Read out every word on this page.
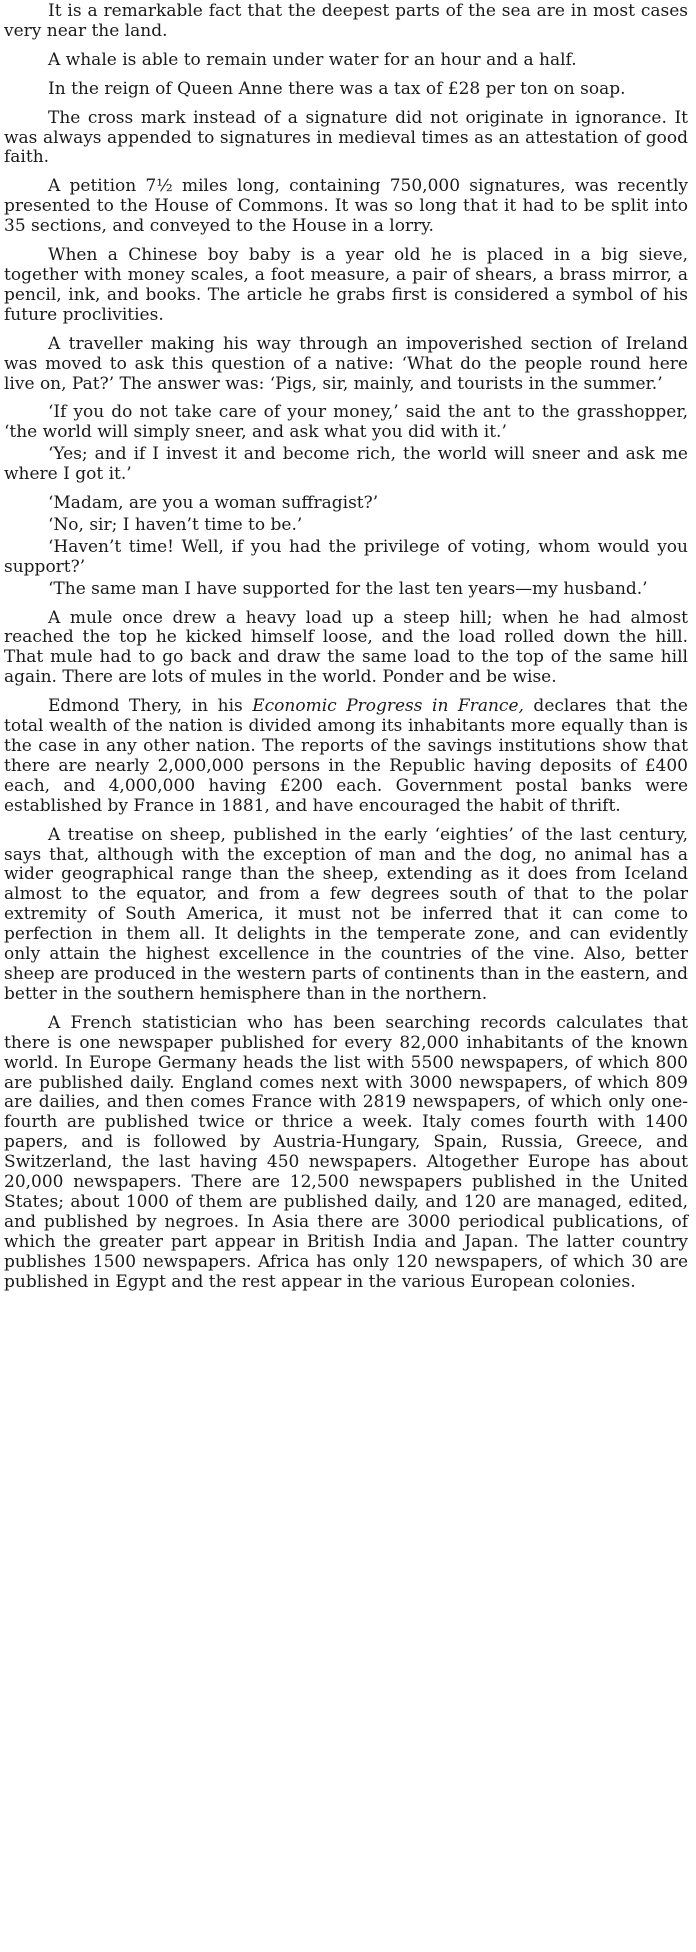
It is a remarkable fact that the deepest parts of the sea are in most cases very near the land.

A whale is able to remain under water for an hour and a half.

In the reign of Queen Anne there was a tax of £28 per ton on soap.

The cross mark instead of a signature did not originate in ignorance. It was always appended to signatures in medieval times as an attestation of good faith.

A petition 7½ miles long, containing 750,000 signatures, was recently presented to the House of Commons. It was so long that it had to be split into 35 sections, and conveyed to the House in a lorry.

When a Chinese boy baby is a year old he is placed in a big sieve, together with money scales, a foot measure, a pair of shears, a brass mirror, a pencil, ink, and books. The article he grabs first is considered a symbol of his future proclivities.

A traveller making his way through an impoverished section of Ireland was moved to ask this question of a native: ‘What do the people round here live on, Pat?’ The answer was: ‘Pigs, sir, mainly, and tourists in the summer.’

‘If you do not take care of your money,’ said the ant to the grasshopper, ‘the world will simply sneer, and ask what you did with it.’

‘Yes; and if I invest it and become rich, the world will sneer and ask me where I got it.’

‘Madam, are you a woman suffragist?’

‘No, sir; I haven’t time to be.’

‘Haven’t time! Well, if you had the privilege of voting, whom would you support?’

‘The same man I have supported for the last ten years—my husband.’

A mule once drew a heavy load up a steep hill; when he had almost reached the top he kicked himself loose, and the load rolled down the hill. That mule had to go back and draw the same load to the top of the same hill again. There are lots of mules in the world. Ponder and be wise.

Edmond Thery, in his Economic Progress in France, declares that the total wealth of the nation is divided among its inhabitants more equally than is the case in any other nation. The reports of the savings institutions show that there are nearly 2,000,000 persons in the Republic having deposits of £400 each, and 4,000,000 having £200 each. Government postal banks were established by France in 1881, and have encouraged the habit of thrift.

A treatise on sheep, published in the early ‘eighties’ of the last century, says that, although with the exception of man and the dog, no animal has a wider geographical range than the sheep, extending as it does from Iceland almost to the equator, and from a few degrees south of that to the polar extremity of South America, it must not be inferred that it can come to perfection in them all. It delights in the temperate zone, and can evidently only attain the highest excellence in the countries of the vine. Also, better sheep are produced in the western parts of continents than in the eastern, and better in the southern hemisphere than in the northern.

A French statistician who has been searching records calculates that there is one newspaper published for every 82,000 inhabitants of the known world. In Europe Germany heads the list with 5500 newspapers, of which 800 are published daily. England comes next with 3000 newspapers, of which 809 are dailies, and then comes France with 2819 newspapers, of which only one-fourth are published twice or thrice a week. Italy comes fourth with 1400 papers, and is followed by Austria-Hungary, Spain, Russia, Greece, and Switzerland, the last having 450 newspapers. Altogether Europe has about 20,000 newspapers. There are 12,500 newspapers published in the United States; about 1000 of them are published daily, and 120 are managed, edited, and published by negroes. In Asia there are 3000 periodical publications, of which the greater part appear in British India and Japan. The latter country publishes 1500 newspapers. Africa has only 120 newspapers, of which 30 are published in Egypt and the rest appear in the various European colonies.
